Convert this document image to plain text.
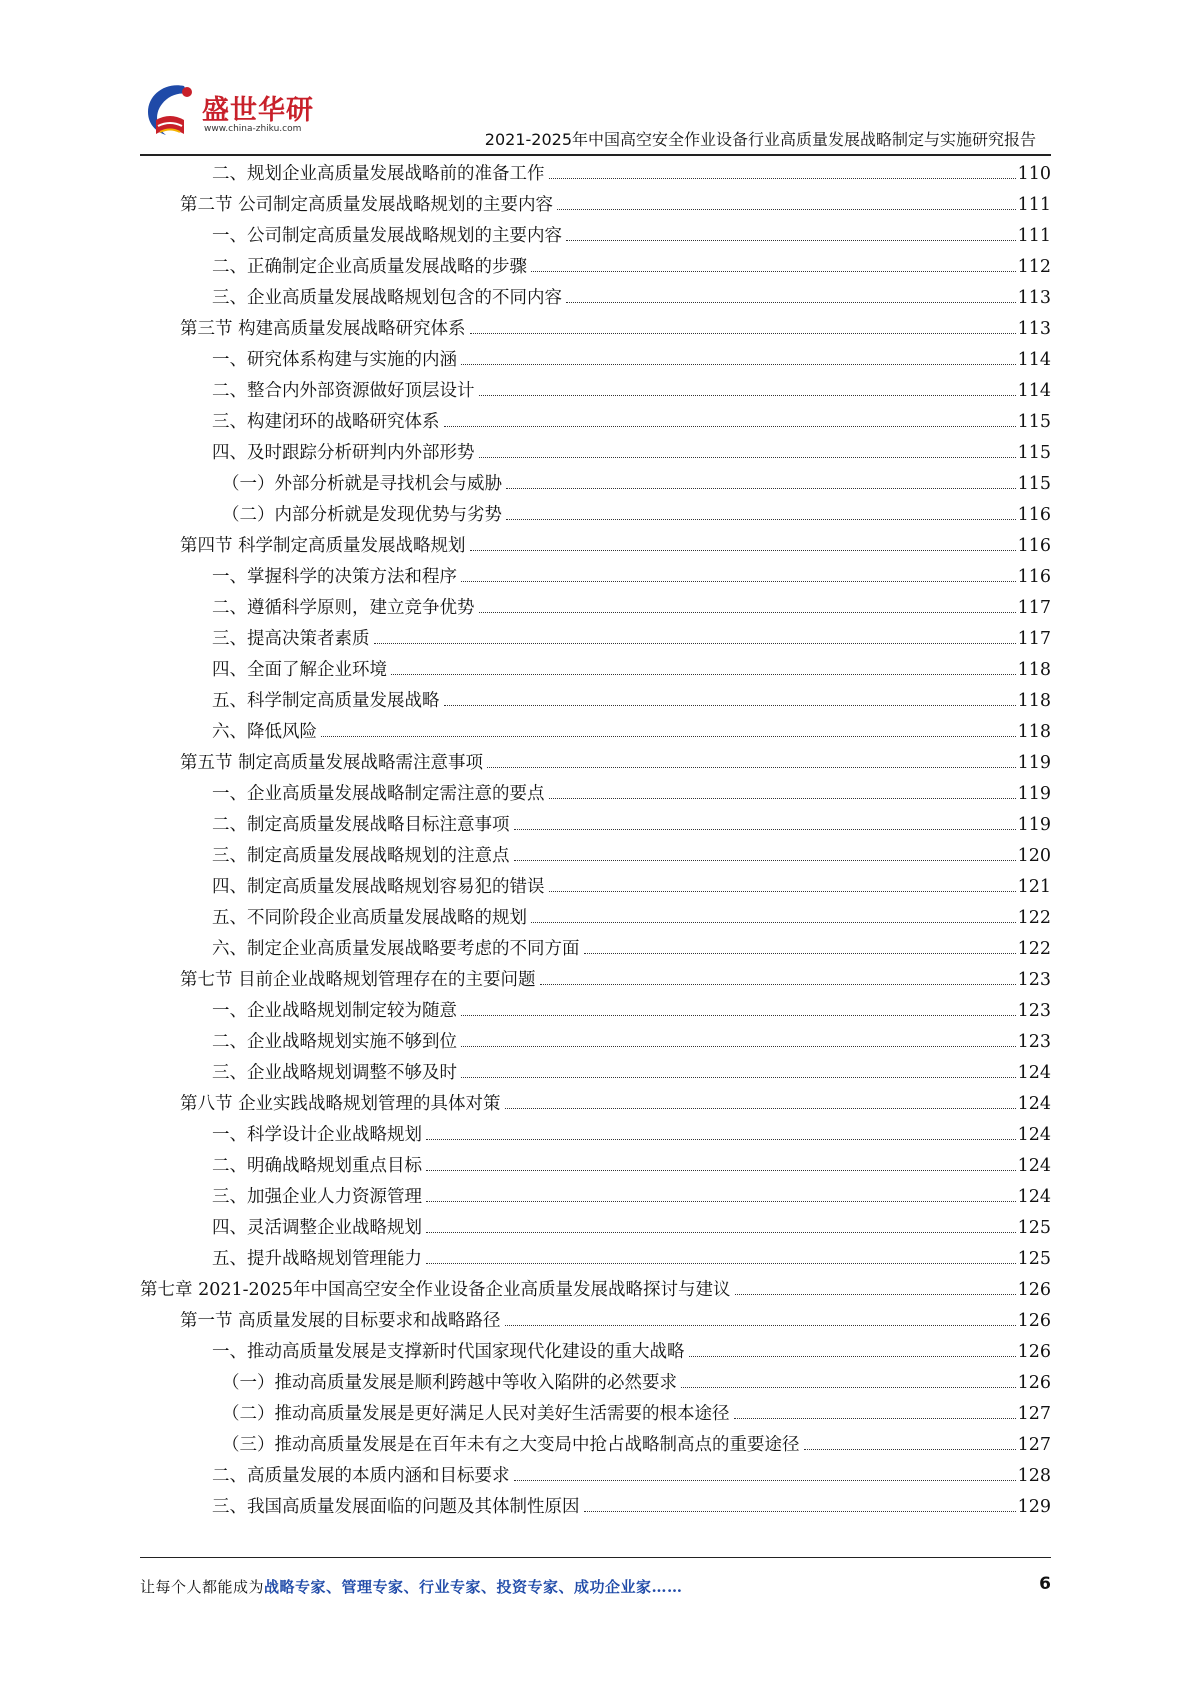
盛世华研
www.china-zhiku.com
2021-2025年中国高空安全作业设备行业高质量发展战略制定与实施研究报告
二、规划企业高质量发展战略前的准备工作	110
第二节 公司制定高质量发展战略规划的主要内容	111
一、公司制定高质量发展战略规划的主要内容	111
二、正确制定企业高质量发展战略的步骤	112
三、企业高质量发展战略规划包含的不同内容	113
第三节 构建高质量发展战略研究体系	113
一、研究体系构建与实施的内涵	114
二、整合内外部资源做好顶层设计	114
三、构建闭环的战略研究体系	115
四、及时跟踪分析研判内外部形势	115
（一）外部分析就是寻找机会与威胁	115
（二）内部分析就是发现优势与劣势	116
第四节 科学制定高质量发展战略规划	116
一、掌握科学的决策方法和程序	116
二、遵循科学原则，建立竞争优势	117
三、提高决策者素质	117
四、全面了解企业环境	118
五、科学制定高质量发展战略	118
六、降低风险	118
第五节 制定高质量发展战略需注意事项	119
一、企业高质量发展战略制定需注意的要点	119
二、制定高质量发展战略目标注意事项	119
三、制定高质量发展战略规划的注意点	120
四、制定高质量发展战略规划容易犯的错误	121
五、不同阶段企业高质量发展战略的规划	122
六、制定企业高质量发展战略要考虑的不同方面	122
第七节 目前企业战略规划管理存在的主要问题	123
一、企业战略规划制定较为随意	123
二、企业战略规划实施不够到位	123
三、企业战略规划调整不够及时	124
第八节 企业实践战略规划管理的具体对策	124
一、科学设计企业战略规划	124
二、明确战略规划重点目标	124
三、加强企业人力资源管理	124
四、灵活调整企业战略规划	125
五、提升战略规划管理能力	125
第七章 2021-2025年中国高空安全作业设备企业高质量发展战略探讨与建议	126
第一节 高质量发展的目标要求和战略路径	126
一、推动高质量发展是支撑新时代国家现代化建设的重大战略	126
（一）推动高质量发展是顺利跨越中等收入陷阱的必然要求	126
（二）推动高质量发展是更好满足人民对美好生活需要的根本途径	127
（三）推动高质量发展是在百年未有之大变局中抢占战略制高点的重要途径	127
二、高质量发展的本质内涵和目标要求	128
三、我国高质量发展面临的问题及其体制性原因	129
让每个人都能成为战略专家、管理专家、行业专家、投资专家、成功企业家……	6
